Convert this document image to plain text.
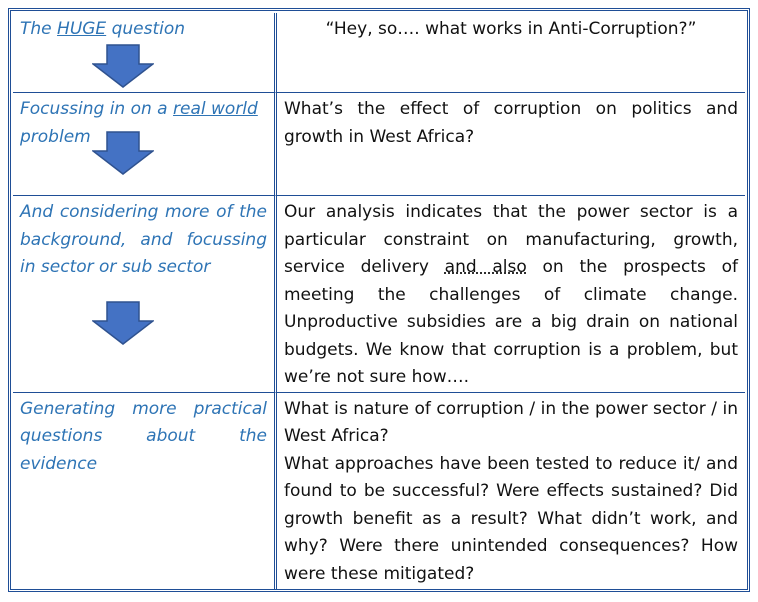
The HUGE question	“Hey, so…. what works in Anti-Corruption?”
Focussing in on a real world problem	What’s the effect of corruption on politics and growth in West Africa?
And considering more of the background, and focussing in sector or sub sector	Our analysis indicates that the power sector is a particular constraint on manufacturing, growth, service delivery and also on the prospects of meeting the challenges of climate change. Unproductive subsidies are a big drain on national budgets. We know that corruption is a problem, but we’re not sure how….
Generating more practical questions about the evidence	What is nature of corruption / in the power sector / in West Africa?
What approaches have been tested to reduce it/ and found to be successful? Were effects sustained? Did growth benefit as a result? What didn’t work, and why? Were there unintended consequences? How were these mitigated?
